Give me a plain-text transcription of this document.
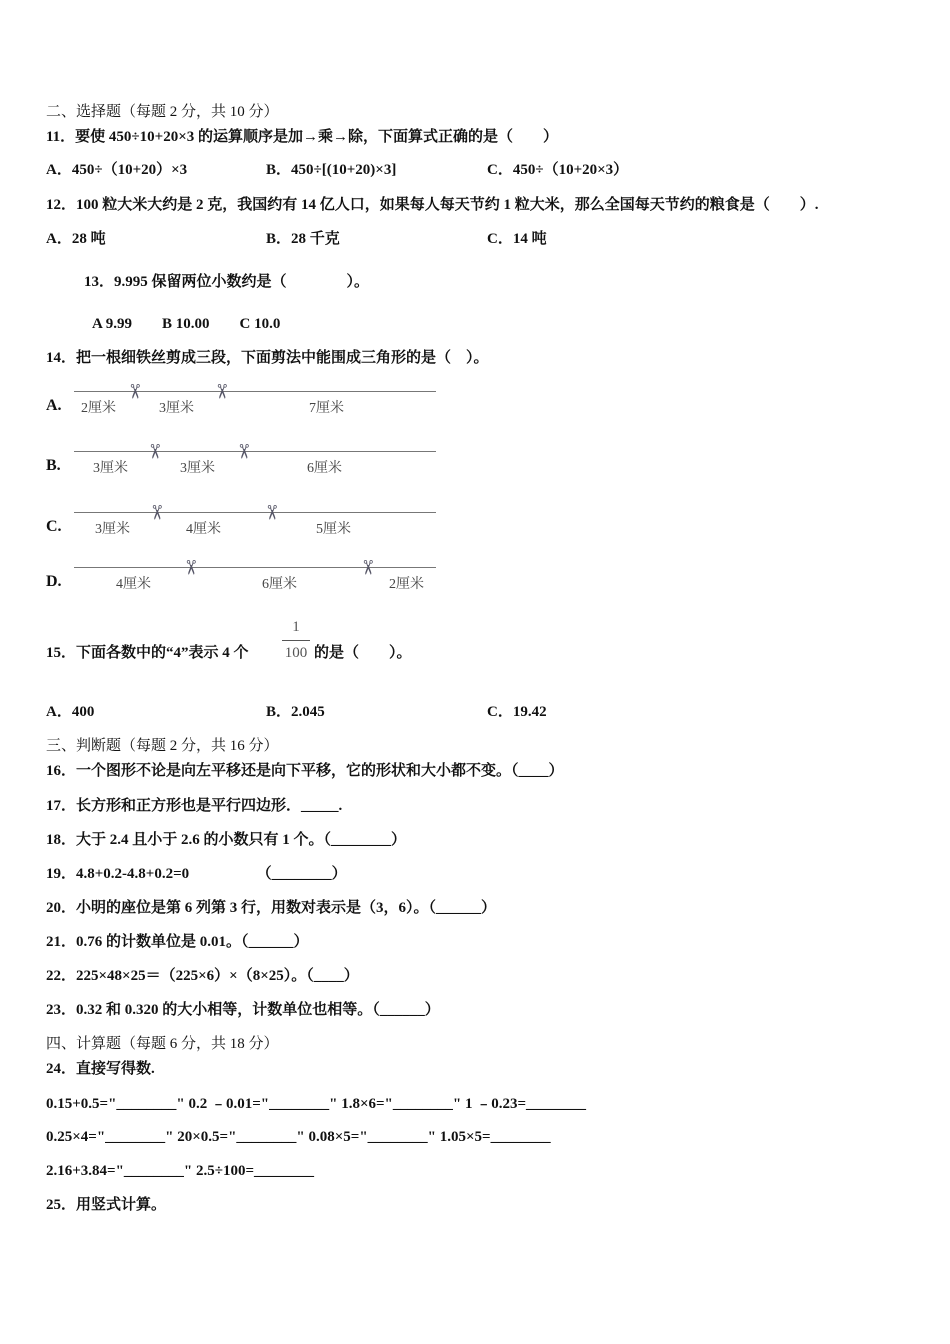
二、选择题（每题 2 分，共 10 分）
11．要使 450÷10+20×3 的运算顺序是加→乘→除，下面算式正确的是（　　）
A．450÷（10+20）×3	B．450÷[(10+20)×3]	C．450÷（10+20×3）
12．100 粒大米大约是 2 克，我国约有 14 亿人口，如果每人每天节约 1 粒大米，那么全国每天节约的粮食是（　　）.
A．28 吨	B．28 千克	C．14 吨
13．9.995 保留两位小数约是（　　　　）。
A 9.99　　B 10.00　　C 10.0
14．把一根细铁丝剪成三段，下面剪法中能围成三角形的是（　）。
A. 2厘米
✂
3厘米
✂
7厘米
B. 3厘米
✂
3厘米
✂
6厘米
C. 3厘米
✂
4厘米
✂
5厘米
D.	4厘米
✂
6厘米
✂
2厘米
15．下面各数中的“4”表示 4 个
1
100 的是（　　）。
A．400	B．2.045	C．19.42
三、判断题（每题 2 分，共 16 分）
16．一个图形不论是向左平移还是向下平移，它的形状和大小都不变。（____）
17．长方形和正方形也是平行四边形．_____.
18．大于 2.4 且小于 2.6 的小数只有 1 个。（________）
19．4.8+0.2-4.8+0.2=0　　　　　（________）
20．小明的座位是第 6 列第 3 行，用数对表示是（3，6）。（______）
21．0.76 的计数单位是 0.01。（______）
22．225×48×25＝（225×6）×（8×25）。（____）
23．0.32 和 0.320 的大小相等，计数单位也相等。（______）
四、计算题（每题 6 分，共 18 分）
24．直接写得数.
0.15+0.5="________" 0.2 ﹣0.01="________" 1.8×6="________" 1 ﹣0.23=________
0.25×4="________" 20×0.5="________" 0.08×5="________" 1.05×5=________
2.16+3.84="________" 2.5÷100=________
25．用竖式计算。
